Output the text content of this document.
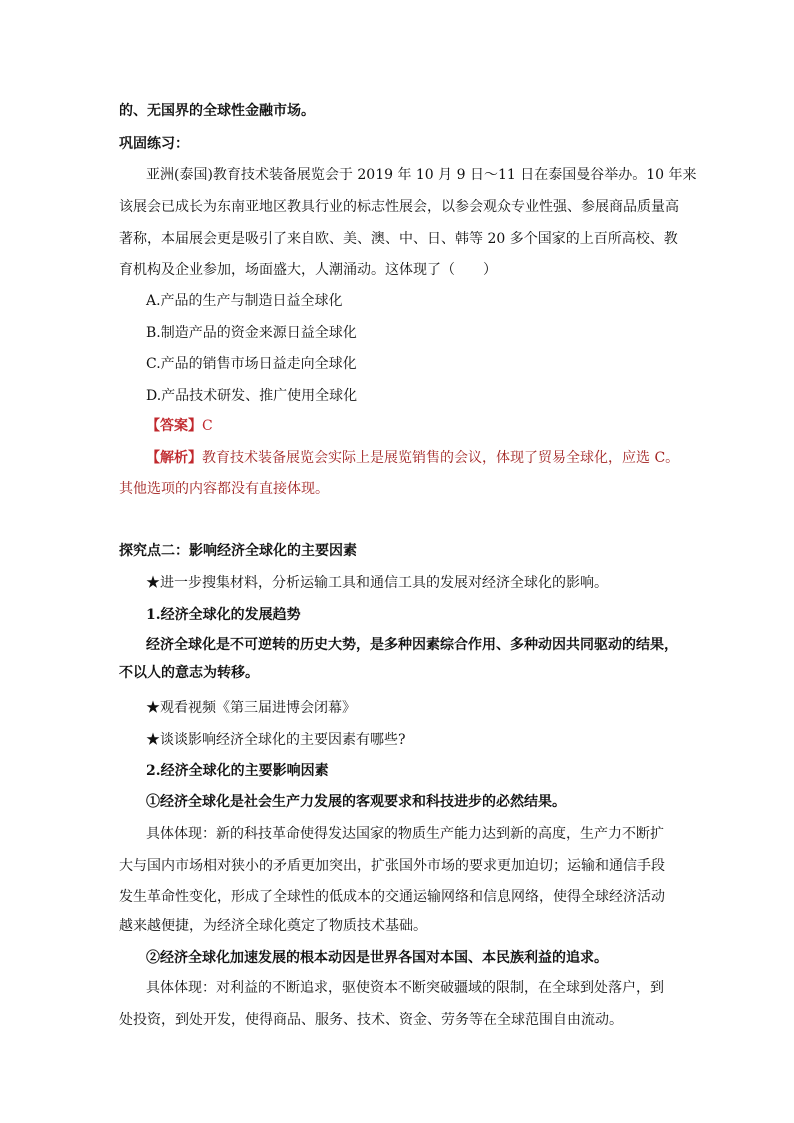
的、无国界的全球性金融市场。
巩固练习：
亚洲(泰国)教育技术装备展览会于 2019 年 10 月 9 日～11 日在泰国曼谷举办。10 年来
该展会已成长为东南亚地区教具行业的标志性展会，以参会观众专业性强、参展商品质量高
著称，本届展会更是吸引了来自欧、美、澳、中、日、韩等 20 多个国家的上百所高校、教
育机构及企业参加，场面盛大，人潮涌动。这体现了（　　）
A.产品的生产与制造日益全球化
B.制造产品的资金来源日益全球化
C.产品的销售市场日益走向全球化
D.产品技术研发、推广使用全球化
【答案】C
【解析】教育技术装备展览会实际上是展览销售的会议，体现了贸易全球化，应选 C。
其他选项的内容都没有直接体现。
探究点二：影响经济全球化的主要因素
★进一步搜集材料，分析运输工具和通信工具的发展对经济全球化的影响。
1.经济全球化的发展趋势
经济全球化是不可逆转的历史大势，是多种因素综合作用、多种动因共同驱动的结果，
不以人的意志为转移。
★观看视频《第三届进博会闭幕》
★谈谈影响经济全球化的主要因素有哪些?
2.经济全球化的主要影响因素
①经济全球化是社会生产力发展的客观要求和科技进步的必然结果。
具体体现：新的科技革命使得发达国家的物质生产能力达到新的高度，生产力不断扩
大与国内市场相对狭小的矛盾更加突出，扩张国外市场的要求更加迫切；运输和通信手段
发生革命性变化，形成了全球性的低成本的交通运输网络和信息网络，使得全球经济活动
越来越便捷，为经济全球化奠定了物质技术基础。
②经济全球化加速发展的根本动因是世界各国对本国、本民族利益的追求。
具体体现：对利益的不断追求，驱使资本不断突破疆域的限制，在全球到处落户，到
处投资，到处开发，使得商品、服务、技术、资金、劳务等在全球范围自由流动。
